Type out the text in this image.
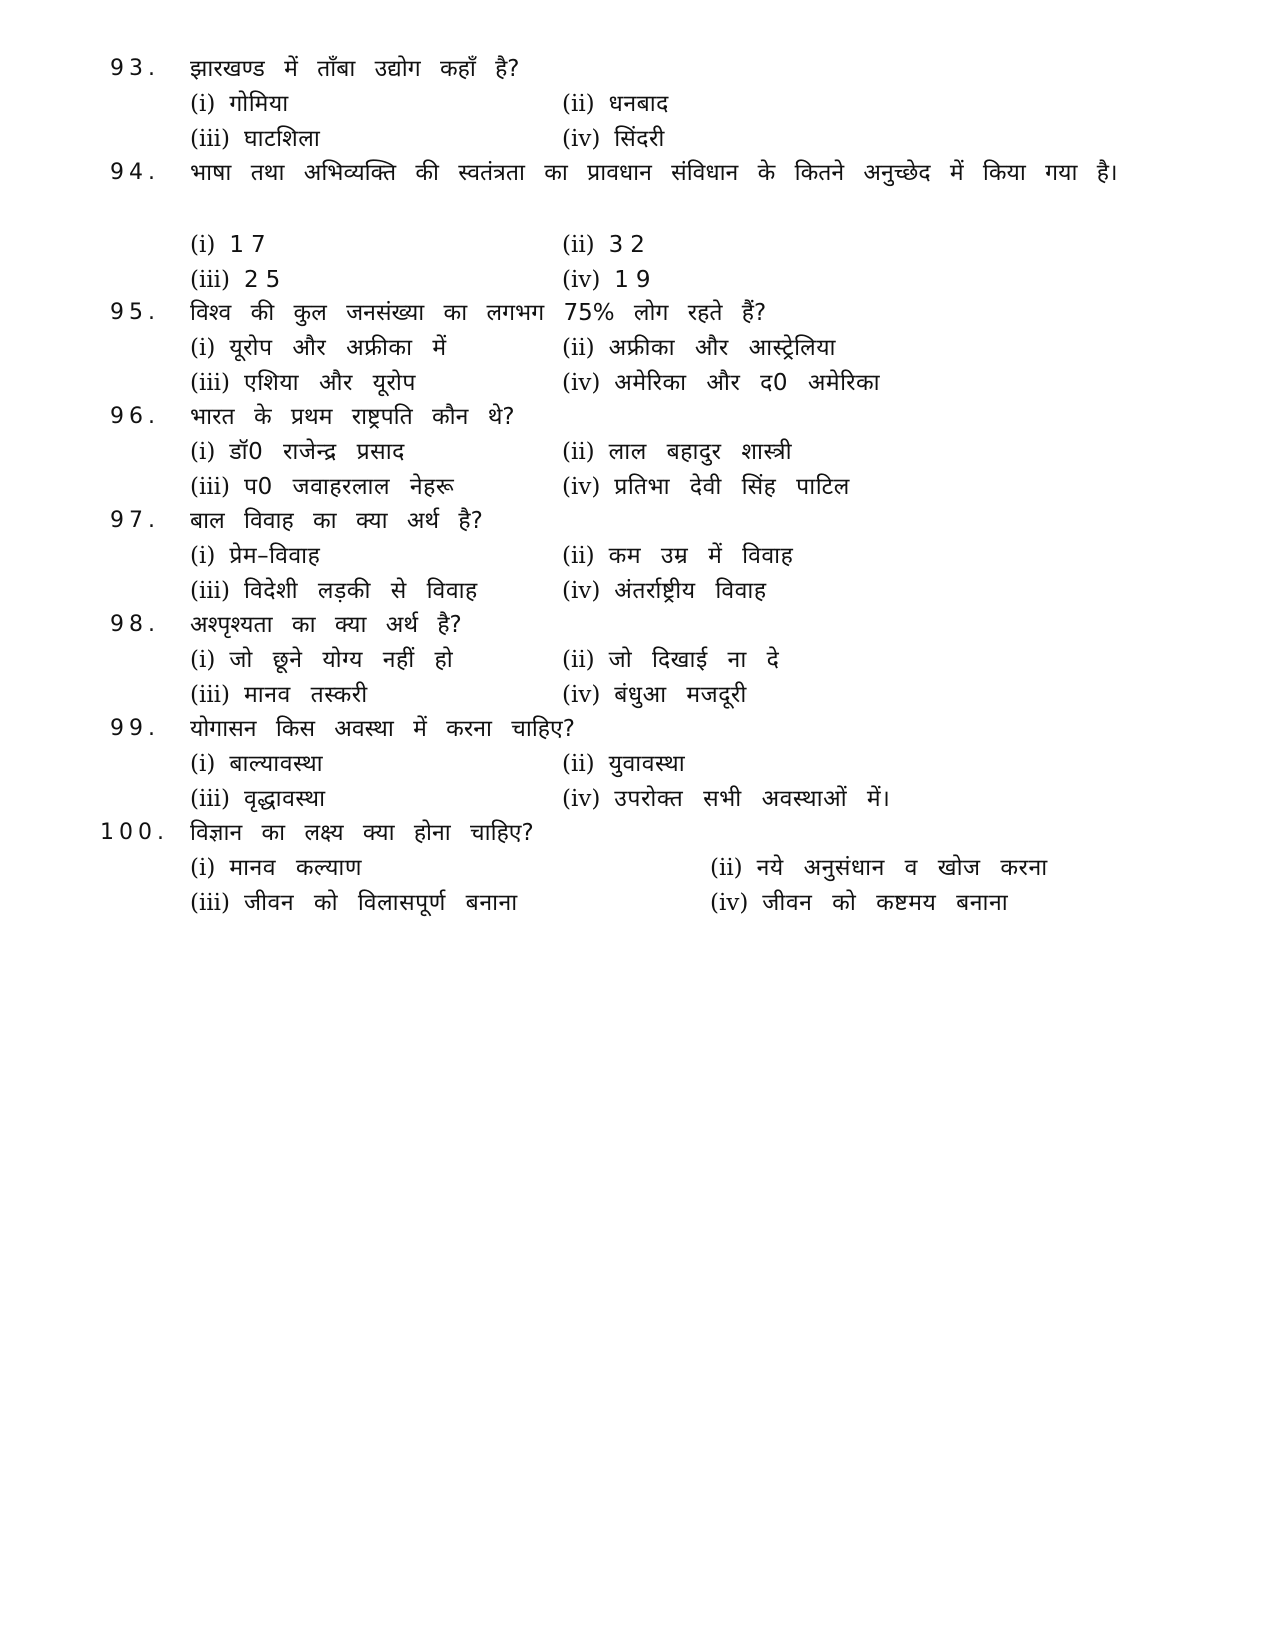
93. झारखण्ड में ताँबा उद्योग कहाँ है?
(i) गोमिया	(ii) धनबाद
(iii) घाटशिला	(iv) सिंदरी
94. भाषा तथा अभिव्यक्ति की स्वतंत्रता का प्रावधान संविधान के कितने अनुच्छेद में किया गया है।
(i) 17	(ii) 32
(iii) 25	(iv) 19
95. विश्व की कुल जनसंख्या का लगभग 75% लोग रहते हैं?
(i) यूरोप और अफ्रीका में	(ii) अफ्रीका और आस्ट्रेलिया
(iii) एशिया और यूरोप	(iv) अमेरिका और द0 अमेरिका
96. भारत के प्रथम राष्ट्रपति कौन थे?
(i) डॉ0 राजेन्द्र प्रसाद	(ii) लाल बहादुर शास्त्री
(iii) प0 जवाहरलाल नेहरू	(iv) प्रतिभा देवी सिंह पाटिल
97. बाल विवाह का क्या अर्थ है?
(i) प्रेम–विवाह	(ii) कम उम्र में विवाह
(iii) विदेशी लड़की से विवाह	(iv) अंतर्राष्ट्रीय विवाह
98. अश्पृश्यता का क्या अर्थ है?
(i) जो छूने योग्य नहीं हो	(ii) जो दिखाई ना दे
(iii) मानव तस्करी	(iv) बंधुआ मजदूरी
99. योगासन किस अवस्था में करना चाहिए?
(i) बाल्यावस्था	(ii) युवावस्था
(iii) वृद्धावस्था	(iv) उपरोक्त सभी अवस्थाओं में।
100. विज्ञान का लक्ष्य क्या होना चाहिए?
(i) मानव कल्याण	(ii) नये अनुसंधान व खोज करना
(iii) जीवन को विलासपूर्ण बनाना	(iv) जीवन को कष्टमय बनाना
